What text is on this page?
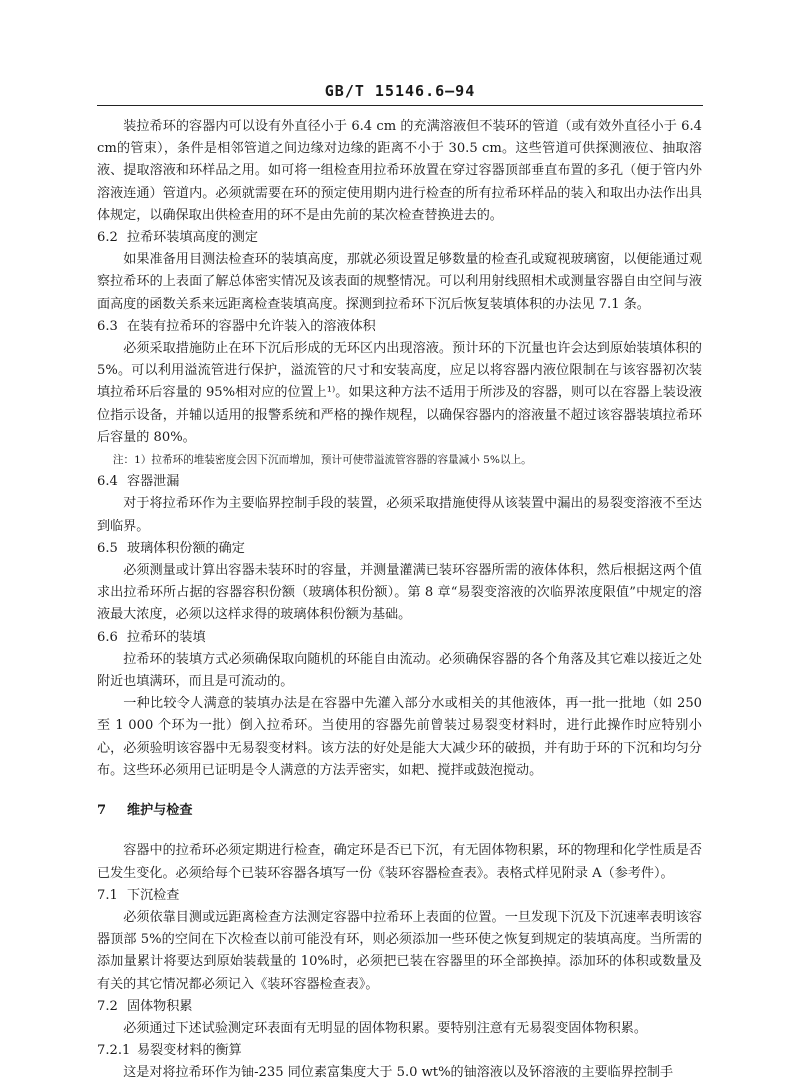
GB/T 15146.6—94

装拉希环的容器内可以设有外直径小于 6.4 cm 的充满溶液但不装环的管道（或有效外直径小于 6.4 cm的管束），条件是相邻管道之间边缘对边缘的距离不小于 30.5 cm。这些管道可供探测液位、抽取溶液、提取溶液和环样品之用。如可将一组检查用拉希环放置在穿过容器顶部垂直布置的多孔（便于管内外溶液连通）管道内。必须就需要在环的预定使用期内进行检查的所有拉希环样品的装入和取出办法作出具体规定，以确保取出供检查用的环不是由先前的某次检查替换进去的。

6.2 拉希环装填高度的测定

如果准备用目测法检查环的装填高度，那就必须设置足够数量的检查孔或窥视玻璃窗，以便能通过观察拉希环的上表面了解总体密实情况及该表面的规整情况。可以利用射线照相术或测量容器自由空间与液面高度的函数关系来远距离检查装填高度。探测到拉希环下沉后恢复装填体积的办法见 7.1 条。

6.3 在装有拉希环的容器中允许装入的溶液体积

必须采取措施防止在环下沉后形成的无环区内出现溶液。预计环的下沉量也许会达到原始装填体积的 5%。可以利用溢流管进行保护，溢流管的尺寸和安装高度，应足以将容器内液位限制在与该容器初次装填拉希环后容量的 95%相对应的位置上¹⁾。如果这种方法不适用于所涉及的容器，则可以在容器上装设液位指示设备，并辅以适用的报警系统和严格的操作规程，以确保容器内的溶液量不超过该容器装填拉希环后容量的 80%。

注：1）拉希环的堆装密度会因下沉而增加，预计可使带溢流管容器的容量减小 5%以上。

6.4 容器泄漏

对于将拉希环作为主要临界控制手段的装置，必须采取措施使得从该装置中漏出的易裂变溶液不至达到临界。

6.5 玻璃体积份额的确定

必须测量或计算出容器未装环时的容量，并测量灌满已装环容器所需的液体体积，然后根据这两个值求出拉希环所占据的容器容积份额（玻璃体积份额）。第 8 章“易裂变溶液的次临界浓度限值”中规定的溶液最大浓度，必须以这样求得的玻璃体积份额为基础。

6.6 拉希环的装填

拉希环的装填方式必须确保取向随机的环能自由流动。必须确保容器的各个角落及其它难以接近之处附近也填满环，而且是可流动的。

一种比较令人满意的装填办法是在容器中先灌入部分水或相关的其他液体，再一批一批地（如 250 至 1 000 个环为一批）倒入拉希环。当使用的容器先前曾装过易裂变材料时，进行此操作时应特别小心，必须验明该容器中无易裂变材料。该方法的好处是能大大减少环的破损，并有助于环的下沉和均匀分布。这些环必须用已证明是令人满意的方法弄密实，如耙、搅拌或鼓泡搅动。

7	维护与检查

容器中的拉希环必须定期进行检查，确定环是否已下沉，有无固体物积累，环的物理和化学性质是否已发生变化。必须给每个已装环容器各填写一份《装环容器检查表》。表格式样见附录 A（参考件）。

7.1 下沉检查

必须依靠目测或远距离检查方法测定容器中拉希环上表面的位置。一旦发现下沉及下沉速率表明该容器顶部 5%的空间在下次检查以前可能没有环，则必须添加一些环使之恢复到规定的装填高度。当所需的添加量累计将要达到原始装载量的 10%时，必须把已装在容器里的环全部换掉。添加环的体积或数量及有关的其它情况都必须记入《装环容器检查表》。

7.2 固体物积累

必须通过下述试验测定环表面有无明显的固体物积累。要特别注意有无易裂变固体物积累。

7.2.1 易裂变材料的衡算

这是对将拉希环作为铀-235 同位素富集度大于 5.0 wt%的铀溶液以及钚溶液的主要临界控制手
